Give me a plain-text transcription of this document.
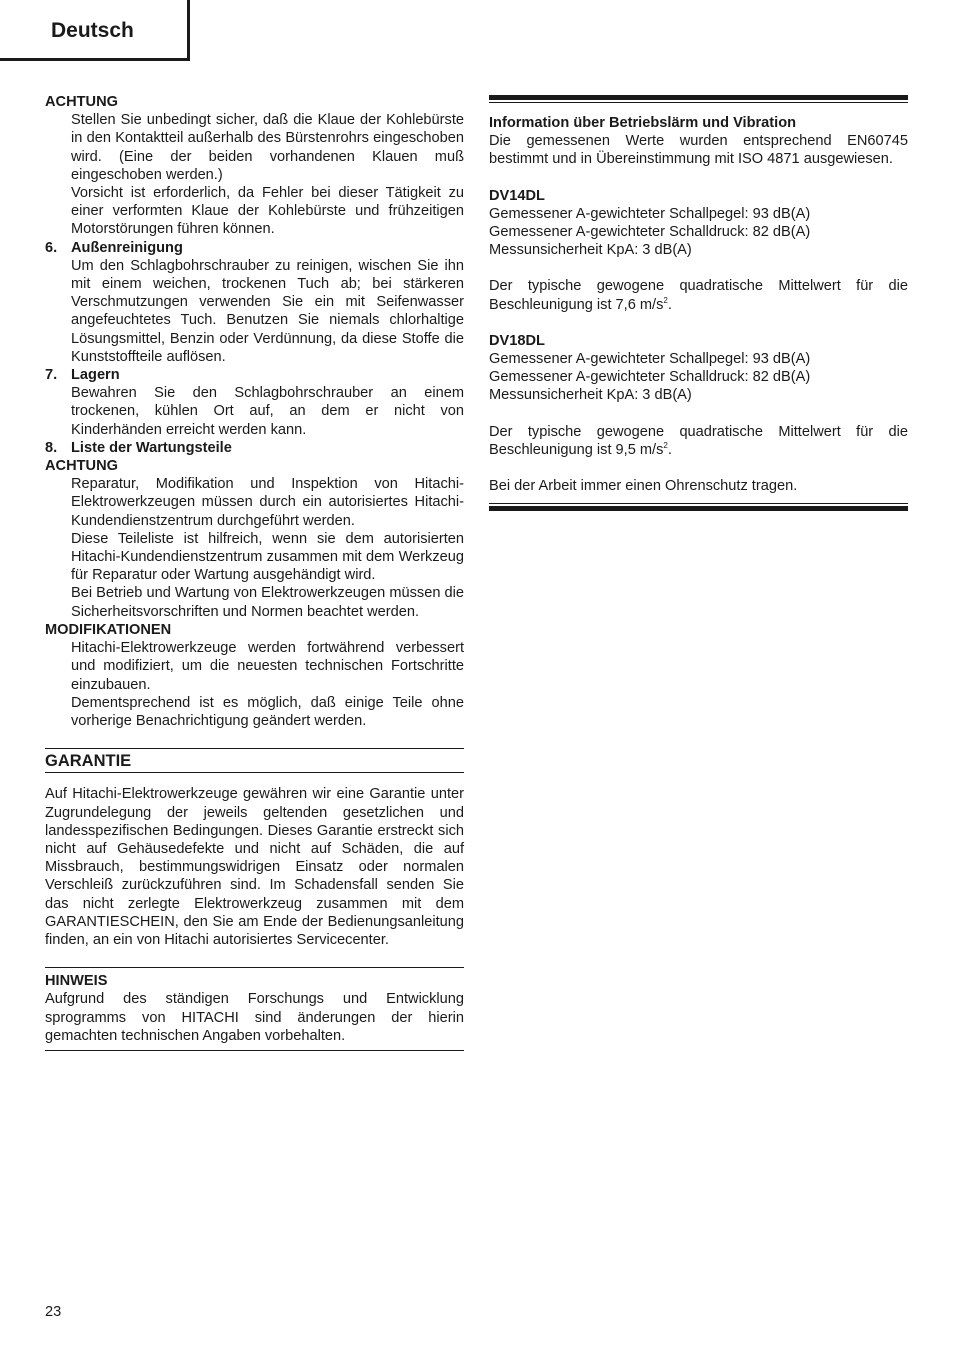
Deutsch
ACHTUNG
Stellen Sie unbedingt sicher, daß die Klaue der Kohlebürste in den Kontaktteil außerhalb des Bürstenrohrs eingeschoben wird. (Eine der beiden vorhandenen Klauen muß eingeschoben werden.)
Vorsicht ist erforderlich, da Fehler bei dieser Tätigkeit zu einer verformten Klaue der Kohlebürste und frühzeitigen Motorstörungen führen können.
6. Außenreinigung
Um den Schlagbohrschrauber zu reinigen, wischen Sie ihn mit einem weichen, trockenen Tuch ab; bei stärkeren Verschmutzungen verwenden Sie ein mit Seifenwasser angefeuchtetes Tuch. Benutzen Sie niemals chlorhaltige Lösungsmittel, Benzin oder Verdünnung, da diese Stoffe die Kunststoffteile auflösen.
7. Lagern
Bewahren Sie den Schlagbohrschrauber an einem trockenen, kühlen Ort auf, an dem er nicht von Kinderhänden erreicht werden kann.
8. Liste der Wartungsteile
ACHTUNG
Reparatur, Modifikation und Inspektion von Hitachi-Elektrowerkzeugen müssen durch ein autorisiertes Hitachi-Kundendienstzentrum durchgeführt werden.
Diese Teileliste ist hilfreich, wenn sie dem autorisierten Hitachi-Kundendienstzentrum zusammen mit dem Werkzeug für Reparatur oder Wartung ausgehändigt wird.
Bei Betrieb und Wartung von Elektrowerkzeugen müssen die Sicherheitsvorschriften und Normen beachtet werden.
MODIFIKATIONEN
Hitachi-Elektrowerkzeuge werden fortwährend verbessert und modifiziert, um die neuesten technischen Fortschritte einzubauen.
Dementsprechend ist es möglich, daß einige Teile ohne vorherige Benachrichtigung geändert werden.
GARANTIE
Auf Hitachi-Elektrowerkzeuge gewähren wir eine Garantie unter Zugrundelegung der jeweils geltenden gesetzlichen und landesspezifischen Bedingungen. Dieses Garantie erstreckt sich nicht auf Gehäusedefekte und nicht auf Schäden, die auf Missbrauch, bestimmungswidrigen Einsatz oder normalen Verschleiß zurückzuführen sind. Im Schadensfall senden Sie das nicht zerlegte Elektrowerkzeug zusammen mit dem GARANTIESCHEIN, den Sie am Ende der Bedienungsanleitung finden, an ein von Hitachi autorisiertes Servicecenter.
HINWEIS
Aufgrund des ständigen Forschungs und Entwicklung sprogramms von HITACHI sind änderungen der hierin gemachten technischen Angaben vorbehalten.
Information über Betriebslärm und Vibration
Die gemessenen Werte wurden entsprechend EN60745 bestimmt und in Übereinstimmung mit ISO 4871 ausgewiesen.
DV14DL
Gemessener A-gewichteter Schallpegel: 93 dB(A)
Gemessener A-gewichteter Schalldruck: 82 dB(A)
Messunsicherheit KpA: 3 dB(A)
Der typische gewogene quadratische Mittelwert für die Beschleunigung ist 7,6 $m/s^2$.
DV18DL
Gemessener A-gewichteter Schallpegel: 93 dB(A)
Gemessener A-gewichteter Schalldruck: 82 dB(A)
Messunsicherheit KpA: 3 dB(A)
Der typische gewogene quadratische Mittelwert für die Beschleunigung ist 9,5 $m/s^2$.
Bei der Arbeit immer einen Ohrenschutz tragen.
23
